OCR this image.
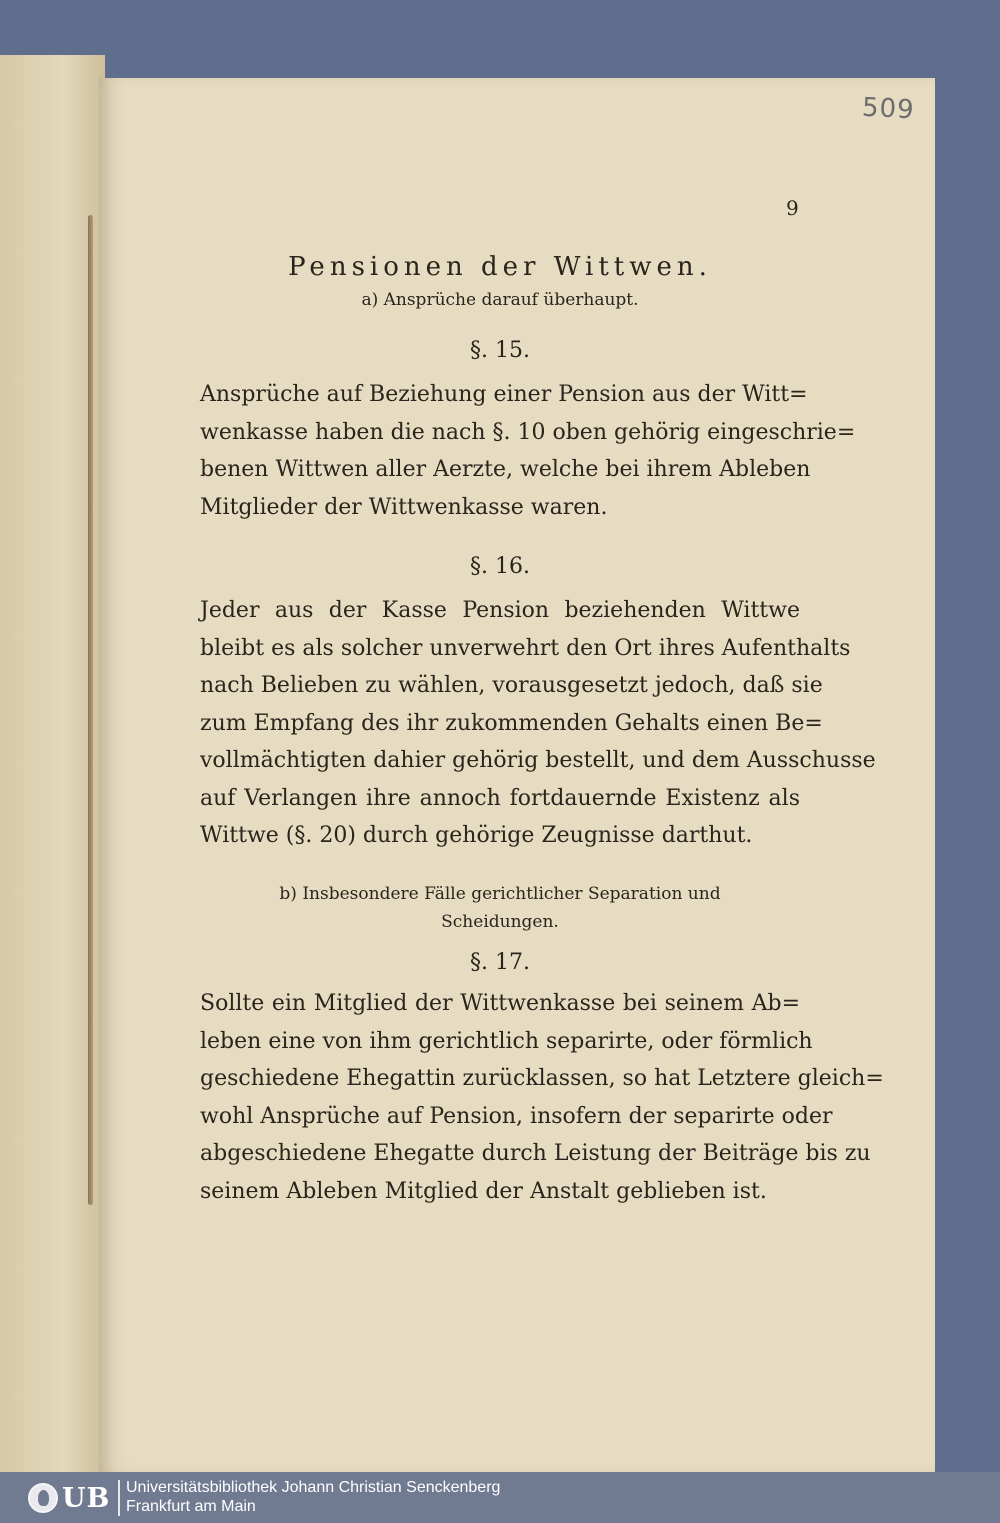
509
9
Pensionen der Wittwen.
a) Ansprüche darauf überhaupt.
§. 15.
Ansprüche auf Beziehung einer Pension aus der Witt=
wenkasse haben die nach §. 10 oben gehörig eingeschrie=
benen Wittwen aller Aerzte, welche bei ihrem Ableben
Mitglieder der Wittwenkasse waren.
§. 16.
Jeder aus der Kasse Pension beziehenden Wittwe
bleibt es als solcher unverwehrt den Ort ihres Aufenthalts
nach Belieben zu wählen, vorausgesetzt jedoch, daß sie
zum Empfang des ihr zukommenden Gehalts einen Be=
vollmächtigten dahier gehörig bestellt, und dem Ausschusse
auf Verlangen ihre annoch fortdauernde Existenz als
Wittwe (§. 20) durch gehörige Zeugnisse darthut.
b) Insbesondere Fälle gerichtlicher Separation und Scheidungen.
§. 17.
Sollte ein Mitglied der Wittwenkasse bei seinem Ab=
leben eine von ihm gerichtlich separirte, oder förmlich
geschiedene Ehegattin zurücklassen, so hat Letztere gleich=
wohl Ansprüche auf Pension, insofern der separirte oder
abgeschiedene Ehegatte durch Leistung der Beiträge bis zu
seinem Ableben Mitglied der Anstalt geblieben ist.
UB Universitätsbibliothek Johann Christian Senckenberg
Frankfurt am Main
